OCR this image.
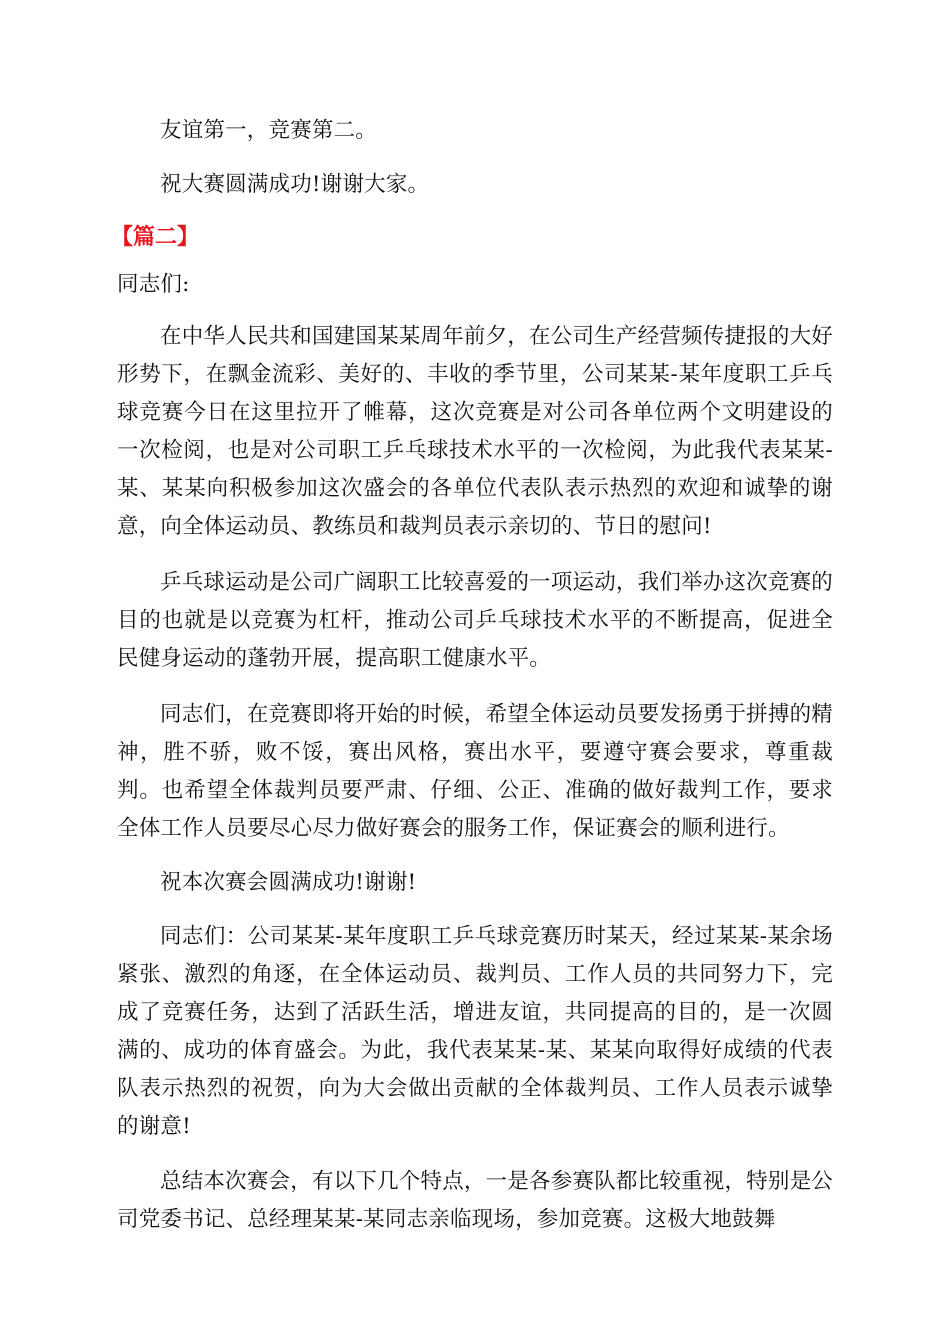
友谊第一，竞赛第二。

祝大赛圆满成功!谢谢大家。

【篇二】

同志们:

在中华人民共和国建国某某周年前夕，在公司生产经营频传捷报的大好形势下，在飘金流彩、美好的、丰收的季节里，公司某某-某年度职工乒乓球竞赛今日在这里拉开了帷幕，这次竞赛是对公司各单位两个文明建设的一次检阅，也是对公司职工乒乓球技术水平的一次检阅，为此我代表某某-某、某某向积极参加这次盛会的各单位代表队表示热烈的欢迎和诚挚的谢意，向全体运动员、教练员和裁判员表示亲切的、节日的慰问!

乒乓球运动是公司广阔职工比较喜爱的一项运动，我们举办这次竞赛的目的也就是以竞赛为杠杆，推动公司乒乓球技术水平的不断提高，促进全民健身运动的蓬勃开展，提高职工健康水平。

同志们，在竞赛即将开始的时候，希望全体运动员要发扬勇于拼搏的精神，胜不骄，败不馁，赛出风格，赛出水平，要遵守赛会要求，尊重裁判。也希望全体裁判员要严肃、仔细、公正、准确的做好裁判工作，要求全体工作人员要尽心尽力做好赛会的服务工作，保证赛会的顺利进行。

祝本次赛会圆满成功!谢谢!

同志们：公司某某-某年度职工乒乓球竞赛历时某天，经过某某-某余场紧张、激烈的角逐，在全体运动员、裁判员、工作人员的共同努力下，完成了竞赛任务，达到了活跃生活，增进友谊，共同提高的目的，是一次圆满的、成功的体育盛会。为此，我代表某某-某、某某向取得好成绩的代表队表示热烈的祝贺，向为大会做出贡献的全体裁判员、工作人员表示诚挚的谢意!

总结本次赛会，有以下几个特点，一是各参赛队都比较重视，特别是公司党委书记、总经理某某-某同志亲临现场，参加竞赛。这极大地鼓舞
